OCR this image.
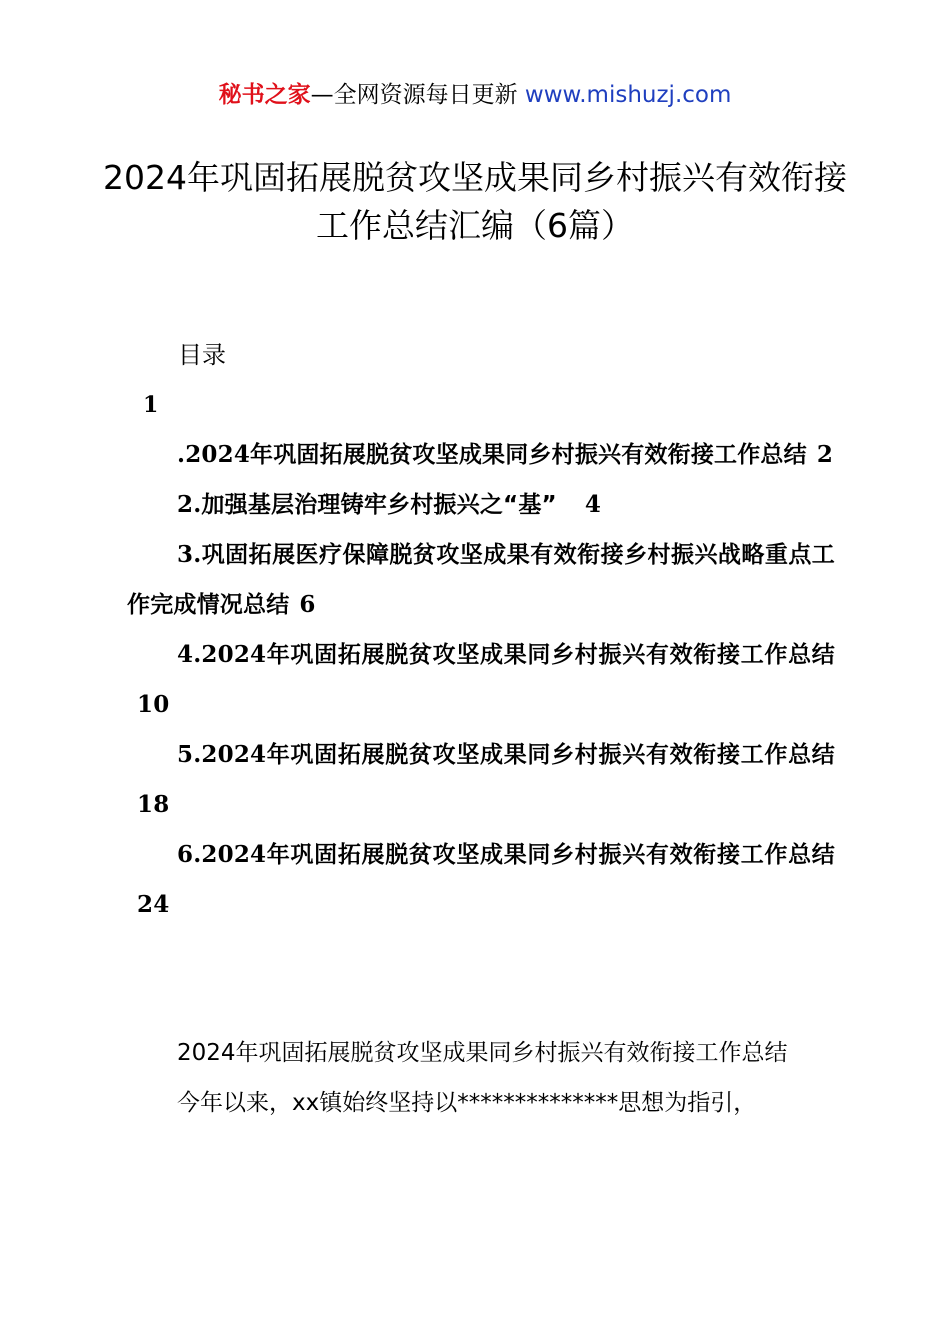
秘书之家—全网资源每日更新 www.mishuzj.com
2024年巩固拓展脱贫攻坚成果同乡村振兴有效衔接工作总结汇编（6篇）
目录
1
.2024年巩固拓展脱贫攻坚成果同乡村振兴有效衔接工作总结 2
2.加强基层治理铸牢乡村振兴之“基” 4
3.巩固拓展医疗保障脱贫攻坚成果有效衔接乡村振兴战略重点工作完成情况总结 6
4.2024年巩固拓展脱贫攻坚成果同乡村振兴有效衔接工作总结10
5.2024年巩固拓展脱贫攻坚成果同乡村振兴有效衔接工作总结18
6.2024年巩固拓展脱贫攻坚成果同乡村振兴有效衔接工作总结24
2024年巩固拓展脱贫攻坚成果同乡村振兴有效衔接工作总结
今年以来，xx镇始终坚持以**************思想为指引，
